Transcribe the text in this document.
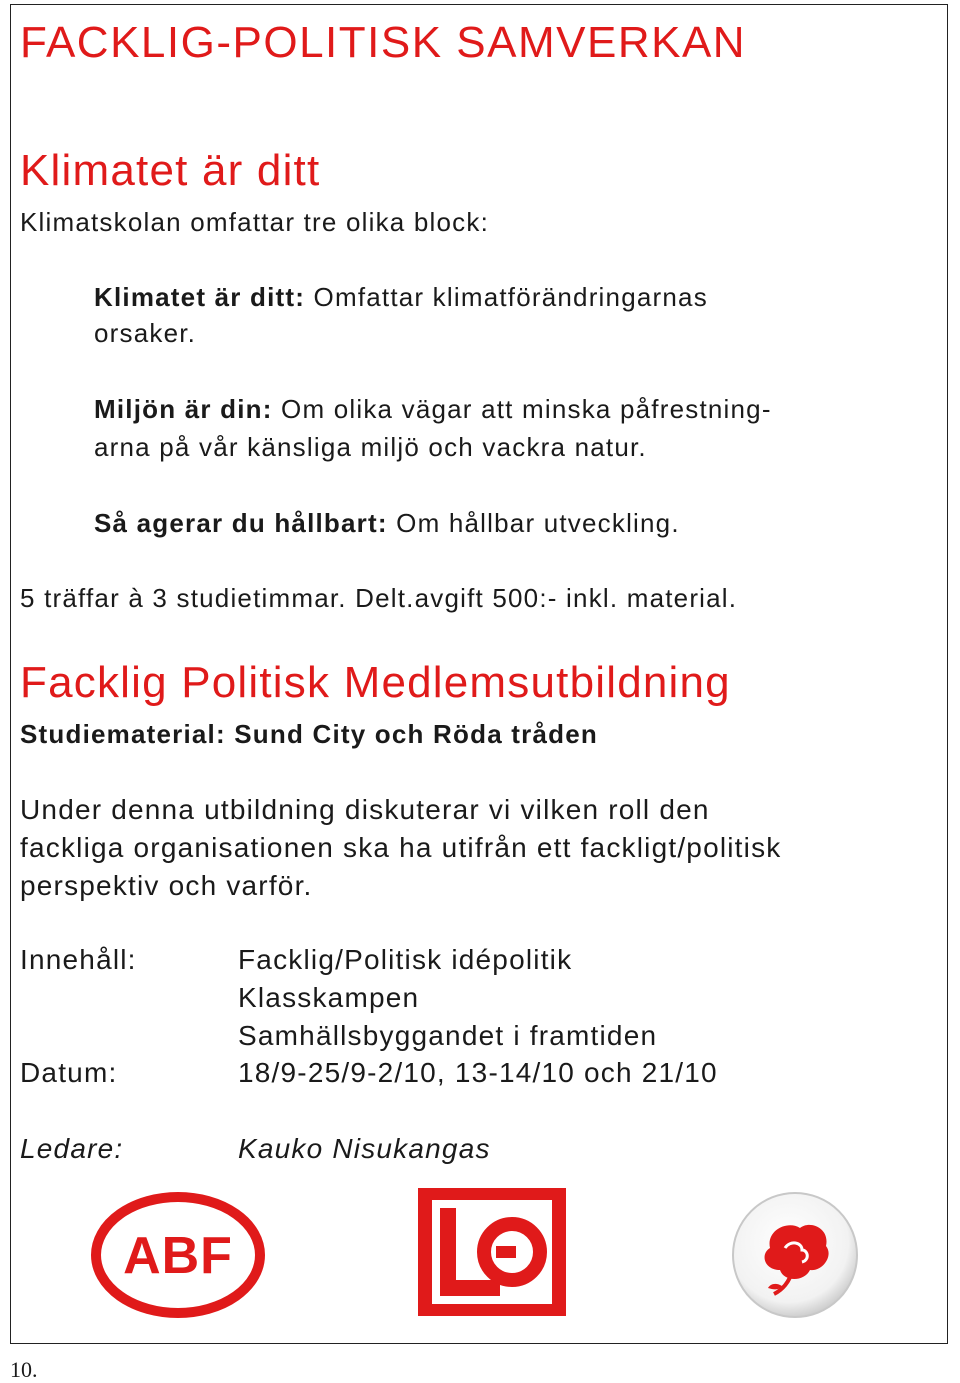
FACKLIG-POLITISK SAMVERKAN
Klimatet är ditt
Klimatskolan omfattar tre olika block:
Klimatet är ditt: Omfattar klimatförändringarnas
orsaker.
Miljön är din: Om olika vägar att minska påfrestning-
arna på vår känsliga miljö och vackra natur.
Så agerar du hållbart: Om hållbar utveckling.
5 träffar à 3 studietimmar. Delt.avgift 500:- inkl. material.
Facklig Politisk Medlemsutbildning
Studiematerial: Sund City och Röda tråden
Under denna utbildning diskuterar vi vilken roll den
fackliga organisationen ska ha utifrån ett fackligt/politisk
perspektiv och varför.
Innehåll:	Facklig/Politisk idépolitik
Klasskampen
Samhällsbyggandet i framtiden
Datum:	18/9-25/9-2/10, 13-14/10 och 21/10
Ledare:	Kauko Nisukangas
ABF
10.
